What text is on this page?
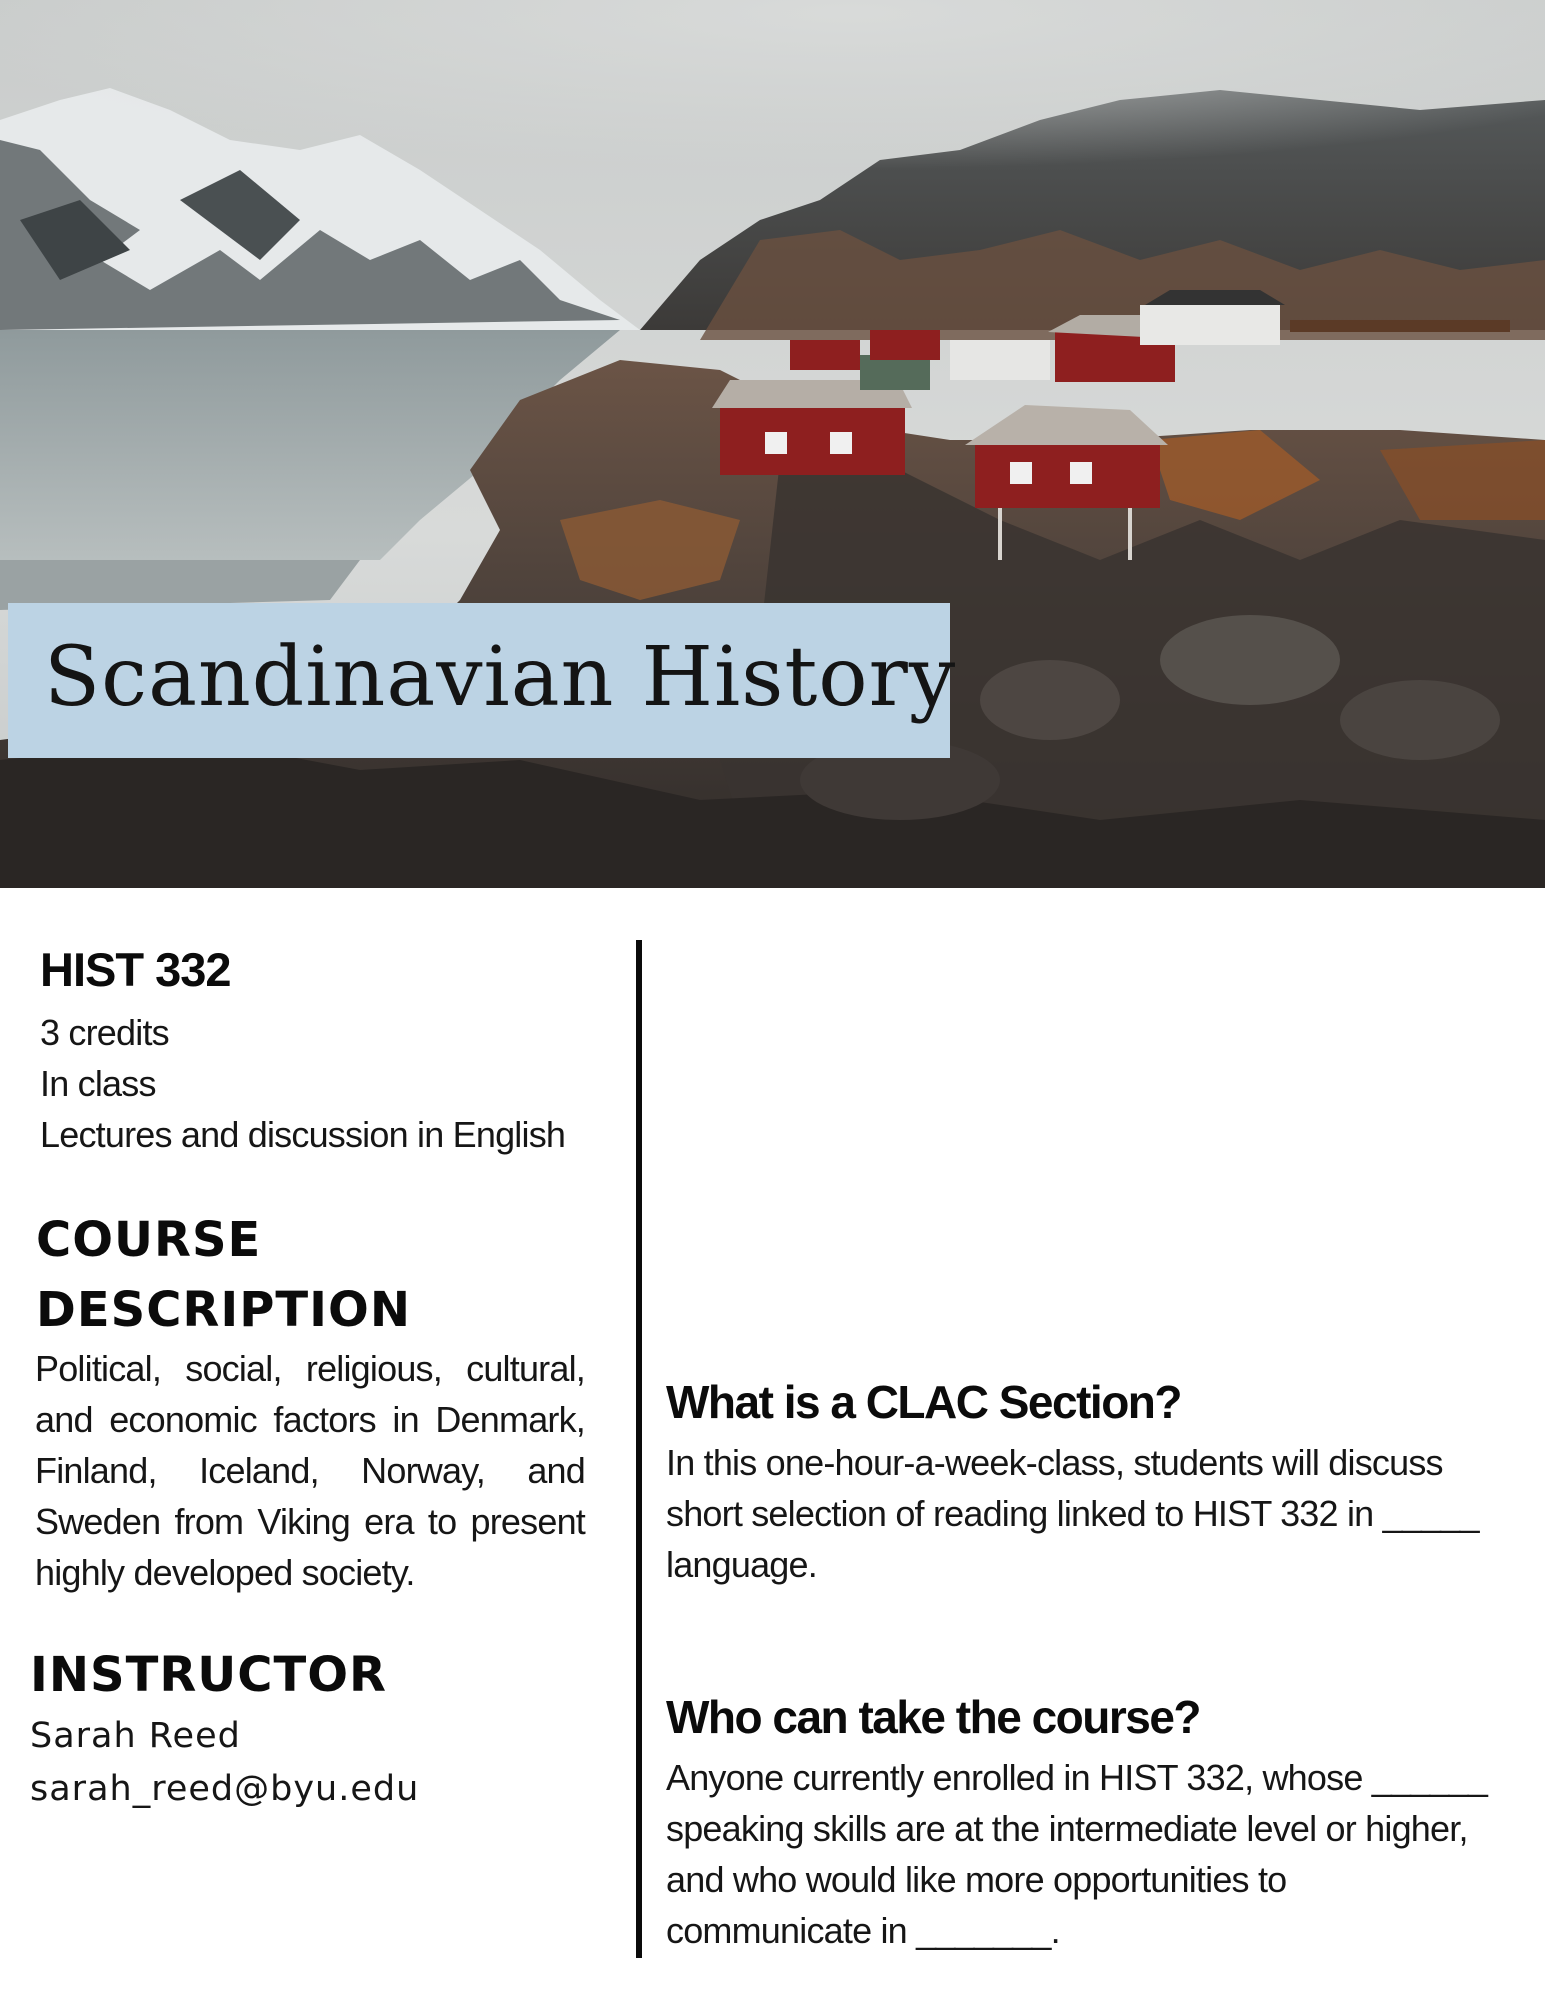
Scandinavian History
HIST 332
3 credits
In class
Lectures and discussion in English
COURSE
DESCRIPTION
Political, social, religious, cultural, and economic factors in Denmark, Finland, Iceland, Norway, and Sweden from Viking era to present highly developed society.
INSTRUCTOR
Sarah Reed
sarah_reed@byu.edu
What is a CLAC Section?
In this one-hour-a-week-class, students will discuss
short selection of reading linked to HIST 332 in _____
language.
Who can take the course?
Anyone currently enrolled in HIST 332, whose ______
speaking skills are at the intermediate level or higher,
and who would like more opportunities to
communicate in _______.
